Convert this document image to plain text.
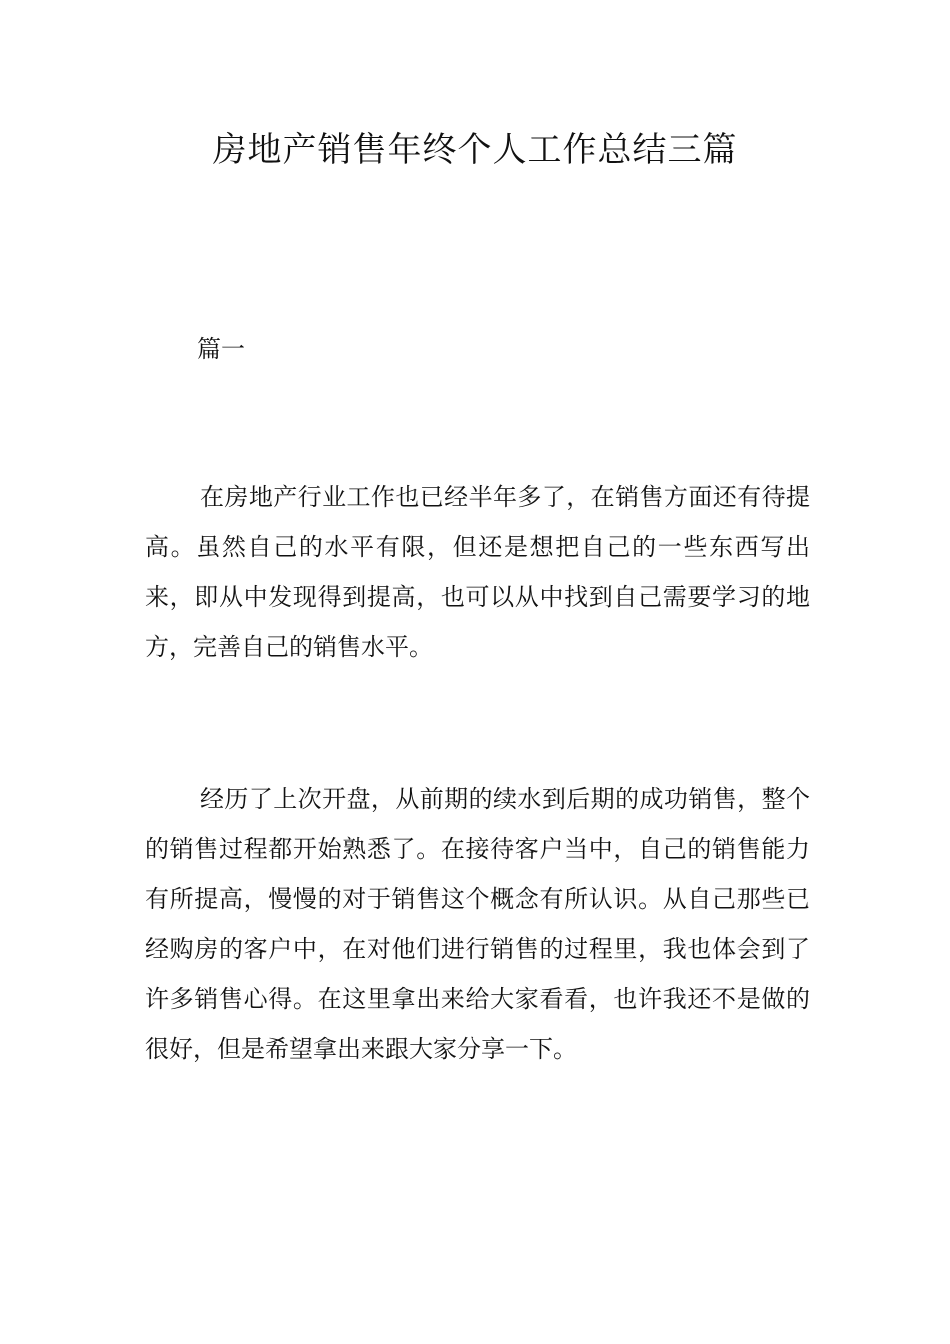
房地产销售年终个人工作总结三篇
篇一

在房地产行业工作也已经半年多了，在销售方面还有待提高。虽然自己的水平有限，但还是想把自己的一些东西写出来，即从中发现得到提高，也可以从中找到自己需要学习的地方，完善自己的销售水平。

经历了上次开盘，从前期的续水到后期的成功销售，整个的销售过程都开始熟悉了。在接待客户当中，自己的销售能力有所提高，慢慢的对于销售这个概念有所认识。从自己那些已经购房的客户中，在对他们进行销售的过程里，我也体会到了许多销售心得。在这里拿出来给大家看看，也许我还不是做的很好，但是希望拿出来跟大家分享一下。
